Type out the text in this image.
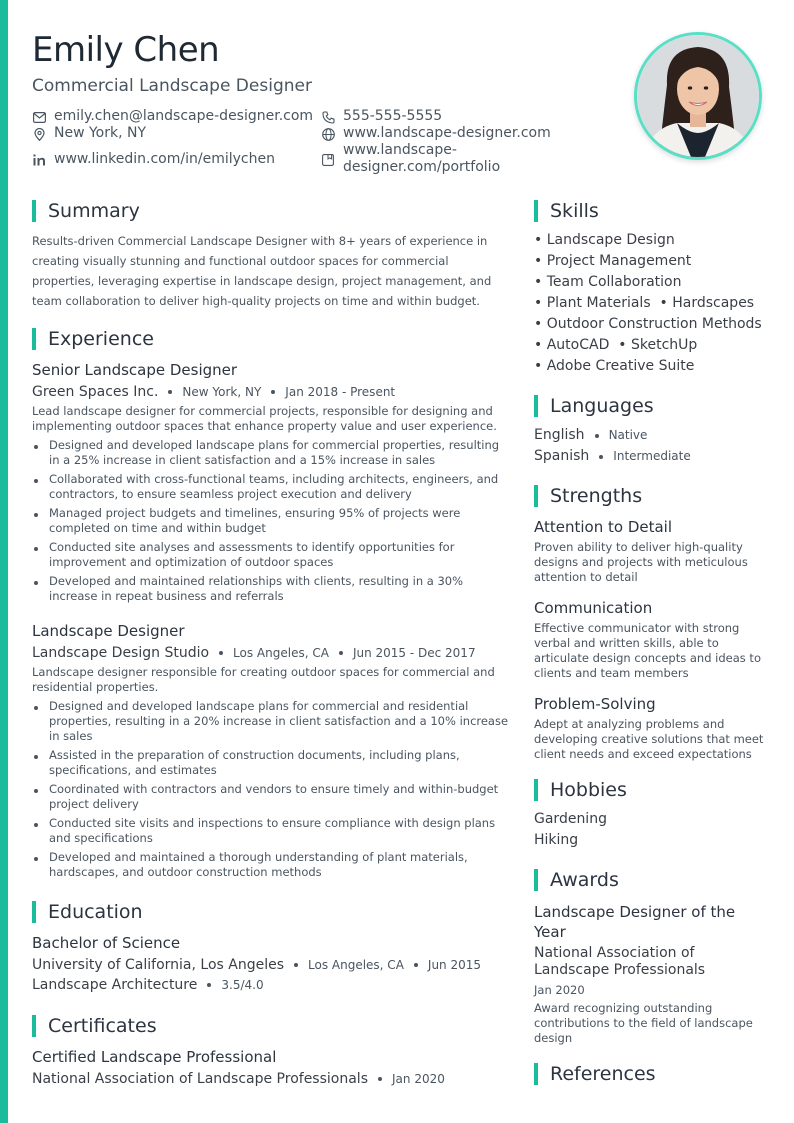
Emily Chen
Commercial Landscape Designer
emily.chen@landscape-designer.com 555-555-5555
New York, NY	www.landscape-designer.com
www.linkedin.com/in/emilychen
www.landscape-
designer.com/portfolio
Summary

Results-driven Commercial Landscape Designer with 8+ years of experience in creating visually stunning and functional outdoor spaces for commercial properties, leveraging expertise in landscape design, project management, and team collaboration to deliver high-quality projects on time and within budget.

Experience
Senior Landscape Designer
Green Spaces Inc. New York, NY Jan 2018 - Present
Lead landscape designer for commercial projects, responsible for designing and implementing outdoor spaces that enhance property value and user experience.
Designed and developed landscape plans for commercial properties, resulting in a 25% increase in client satisfaction and a 15% increase in sales
Collaborated with cross-functional teams, including architects, engineers, and contractors, to ensure seamless project execution and delivery
Managed project budgets and timelines, ensuring 95% of projects were completed on time and within budget
Conducted site analyses and assessments to identify opportunities for improvement and optimization of outdoor spaces
Developed and maintained relationships with clients, resulting in a 30% increase in repeat business and referrals
Landscape Designer
Landscape Design Studio Los Angeles, CA Jun 2015 - Dec 2017
Landscape designer responsible for creating outdoor spaces for commercial and residential properties.
Designed and developed landscape plans for commercial and residential properties, resulting in a 20% increase in client satisfaction and a 10% increase in sales
Assisted in the preparation of construction documents, including plans, specifications, and estimates
Coordinated with contractors and vendors to ensure timely and within-budget project delivery
Conducted site visits and inspections to ensure compliance with design plans and specifications
Developed and maintained a thorough understanding of plant materials, hardscapes, and outdoor construction methods
Education
Bachelor of Science
University of California, Los Angeles Los Angeles, CA Jun 2015
Landscape Architecture 3.5/4.0
Certificates
Certified Landscape Professional
National Association of Landscape Professionals Jan 2020
Skills
• Landscape Design
• Project Management
• Team Collaboration
• Plant Materials  • Hardscapes
• Outdoor Construction Methods
• AutoCAD  • SketchUp
• Adobe Creative Suite
Languages
English Native
Spanish Intermediate
Strengths
Attention to Detail
Proven ability to deliver high-quality designs and projects with meticulous attention to detail
Communication
Effective communicator with strong verbal and written skills, able to articulate design concepts and ideas to clients and team members
Problem-Solving
Adept at analyzing problems and developing creative solutions that meet client needs and exceed expectations
Hobbies
Gardening
Hiking
Awards
Landscape Designer of the
Year
National Association of
Landscape Professionals
Jan 2020
Award recognizing outstanding contributions to the field of landscape design
References
